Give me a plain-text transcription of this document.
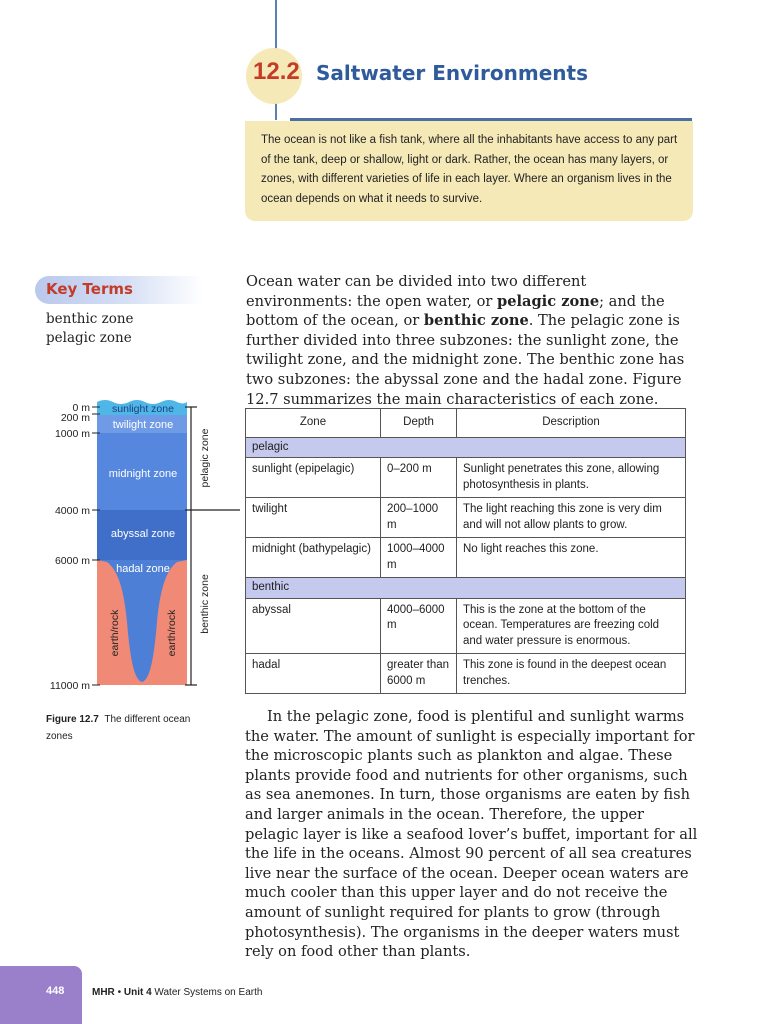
12.2 Saltwater Environments
The ocean is not like a fish tank, where all the inhabitants have access to any part of the tank, deep or shallow, light or dark. Rather, the ocean has many layers, or zones, with different varieties of life in each layer. Where an organism lives in the ocean depends on what it needs to survive.
Key Terms
benthic zone
pelagic zone

Ocean water can be divided into two different environments: the open water, or pelagic zone; and the bottom of the ocean, or benthic zone. The pelagic zone is further divided into three subzones: the sunlight zone, the twilight zone, and the midnight zone. The benthic zone has two subzones: the abyssal zone and the hadal zone. Figure 12.7 summarizes the main characteristics of each zone.

Zone	Depth	Description
pelagic		
sunlight (epipelagic)	0–200 m	Sunlight penetrates this zone, allowing photosynthesis in plants.
twilight	200–1000 m	The light reaching this zone is very dim and will not allow plants to grow.
midnight (bathypelagic)	1000–4000 m	No light reaches this zone.
benthic		
abyssal	4000–6000 m	This is the zone at the bottom of the ocean. Temperatures are freezing cold and water pressure is enormous.
hadal	greater than 6000 m	This zone is found in the deepest ocean trenches.
0 m
200 m
1000 m
4000 m
6000 m
11000 m
sunlight zone
twilight zone
midnight zone
abyssal zone
hadal zone
earth/rock	earth/rock
pelagic zone
benthic zone
Figure 12.7 The different ocean zones

In the pelagic zone, food is plentiful and sunlight warms the water. The amount of sunlight is especially important for the microscopic plants such as plankton and algae. These plants provide food and nutrients for other organisms, such as sea anemones. In turn, those organisms are eaten by fish and larger animals in the ocean. Therefore, the upper pelagic layer is like a seafood lover’s buffet, important for all the life in the oceans. Almost 90 percent of all sea creatures live near the surface of the ocean. Deeper ocean waters are much cooler than this upper layer and do not receive the amount of sunlight required for plants to grow (through photosynthesis). The organisms in the deeper waters must rely on food other than plants.

448	MHR • Unit 4 Water Systems on Earth
